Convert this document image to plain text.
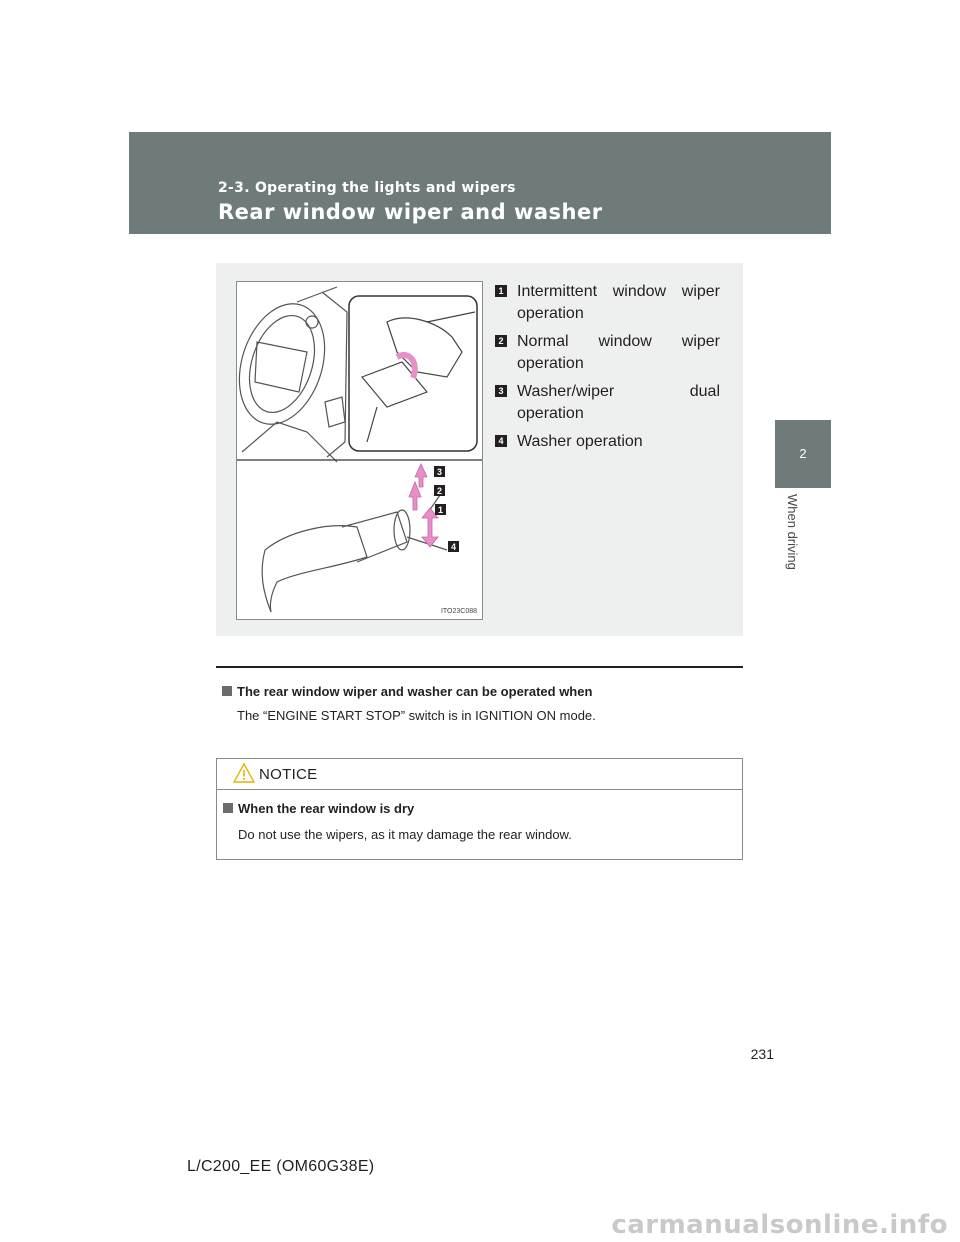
2-3. Operating the lights and wipers
Rear window wiper and washer
2
When driving
3
2
1
4
ITO23C088
1 Intermittent window wiper operation
2 Normal window wiper operation
3 Washer/wiper dual operation
4 Washer operation
The rear window wiper and washer can be operated when
The “ENGINE START STOP” switch is in IGNITION ON mode.
NOTICE
When the rear window is dry
Do not use the wipers, as it may damage the rear window.
231
L/C200_EE (OM60G38E)
carmanualsonline.info
